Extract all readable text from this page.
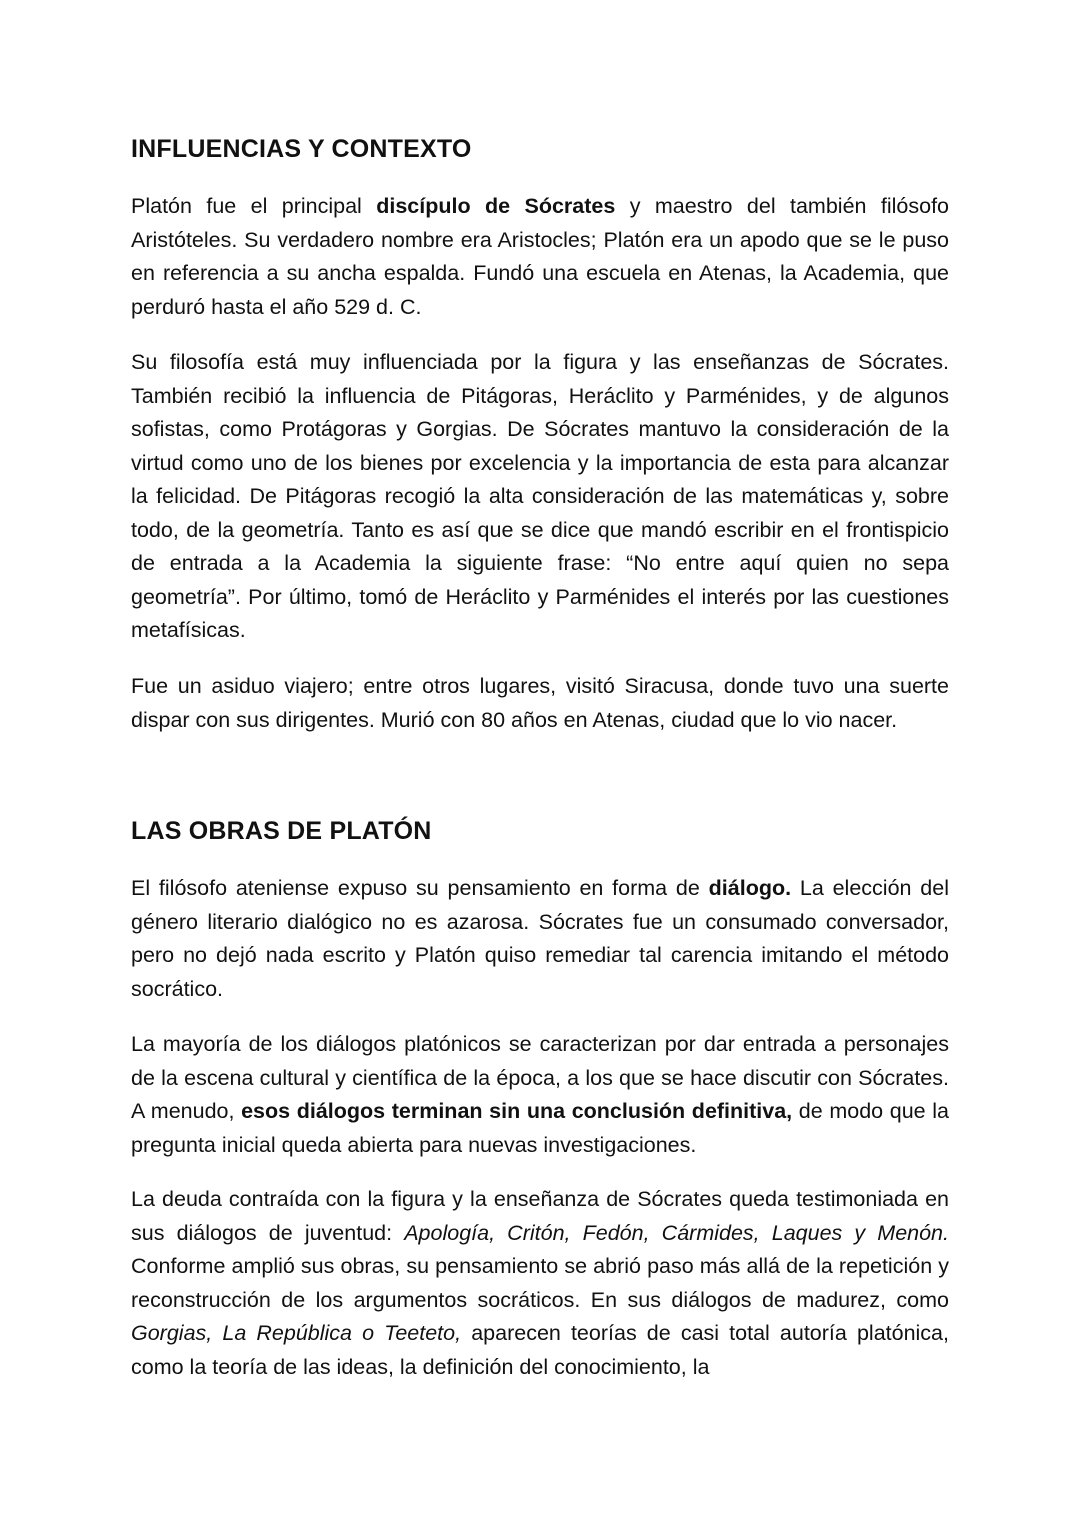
INFLUENCIAS Y CONTEXTO

Platón fue el principal discípulo de Sócrates y maestro del también filósofo Aristóteles. Su verdadero nombre era Aristocles; Platón era un apodo que se le puso en referencia a su ancha espalda. Fundó una escuela en Atenas, la Academia, que perduró hasta el año 529 d. C.

Su filosofía está muy influenciada por la figura y las enseñanzas de Sócrates. También recibió la influencia de Pitágoras, Heráclito y Parménides, y de algunos sofistas, como Protágoras y Gorgias. De Sócrates mantuvo la consideración de la virtud como uno de los bienes por excelencia y la importancia de esta para alcanzar la felicidad. De Pitágoras recogió la alta consideración de las matemáticas y, sobre todo, de la geometría. Tanto es así que se dice que mandó escribir en el frontispicio de entrada a la Academia la siguiente frase: “No entre aquí quien no sepa geometría”. Por último, tomó de Heráclito y Parménides el interés por las cuestiones metafísicas.

Fue un asiduo viajero; entre otros lugares, visitó Siracusa, donde tuvo una suerte dispar con sus dirigentes. Murió con 80 años en Atenas, ciudad que lo vio nacer.

LAS OBRAS DE PLATÓN

El filósofo ateniense expuso su pensamiento en forma de diálogo. La elección del género literario dialógico no es azarosa. Sócrates fue un consumado conversador, pero no dejó nada escrito y Platón quiso remediar tal carencia imitando el método socrático.

La mayoría de los diálogos platónicos se caracterizan por dar entrada a personajes de la escena cultural y científica de la época, a los que se hace discutir con Sócrates. A menudo, esos diálogos terminan sin una conclusión definitiva, de modo que la pregunta inicial queda abierta para nuevas investigaciones.

La deuda contraída con la figura y la enseñanza de Sócrates queda testimoniada en sus diálogos de juventud: Apología, Critón, Fedón, Cármides, Laques y Menón. Conforme amplió sus obras, su pensamiento se abrió paso más allá de la repetición y reconstrucción de los argumentos socráticos. En sus diálogos de madurez, como Gorgias, La República o Teeteto, aparecen teorías de casi total autoría platónica, como la teoría de las ideas, la definición del conocimiento, la
